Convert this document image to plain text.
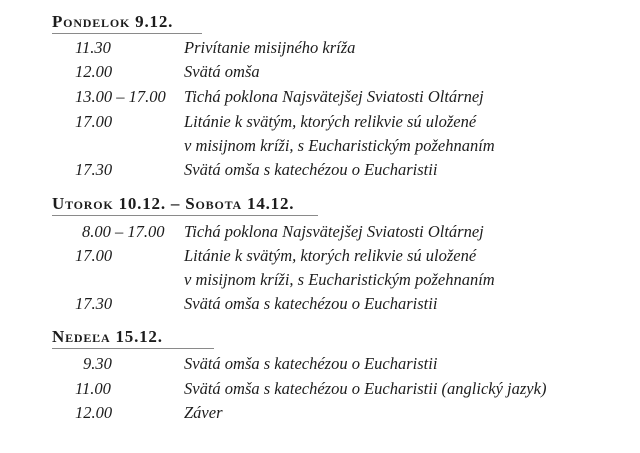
Pondelok 9.12.
11.30	Privítanie misijného kríža
12.00	Svätá omša
13.00 – 17.00 Tichá poklona Najsvätejšej Sviatosti Oltárnej
17.00	Litánie k svätým, ktorých relikvie sú uložené
v misijnom kríži, s Eucharistickým požehnaním
17.30	Svätá omša s katechézou o Eucharistii
Utorok 10.12. – Sobota 14.12.
8.00 – 17.00 Tichá poklona Najsvätejšej Sviatosti Oltárnej
17.00	Litánie k svätým, ktorých relikvie sú uložené
v misijnom kríži, s Eucharistickým požehnaním
17.30	Svätá omša s katechézou o Eucharistii
Nedeľa 15.12.
9.30	Svätá omša s katechézou o Eucharistii
11.00	Svätá omša s katechézou o Eucharistii (anglický jazyk)
12.00	Záver
